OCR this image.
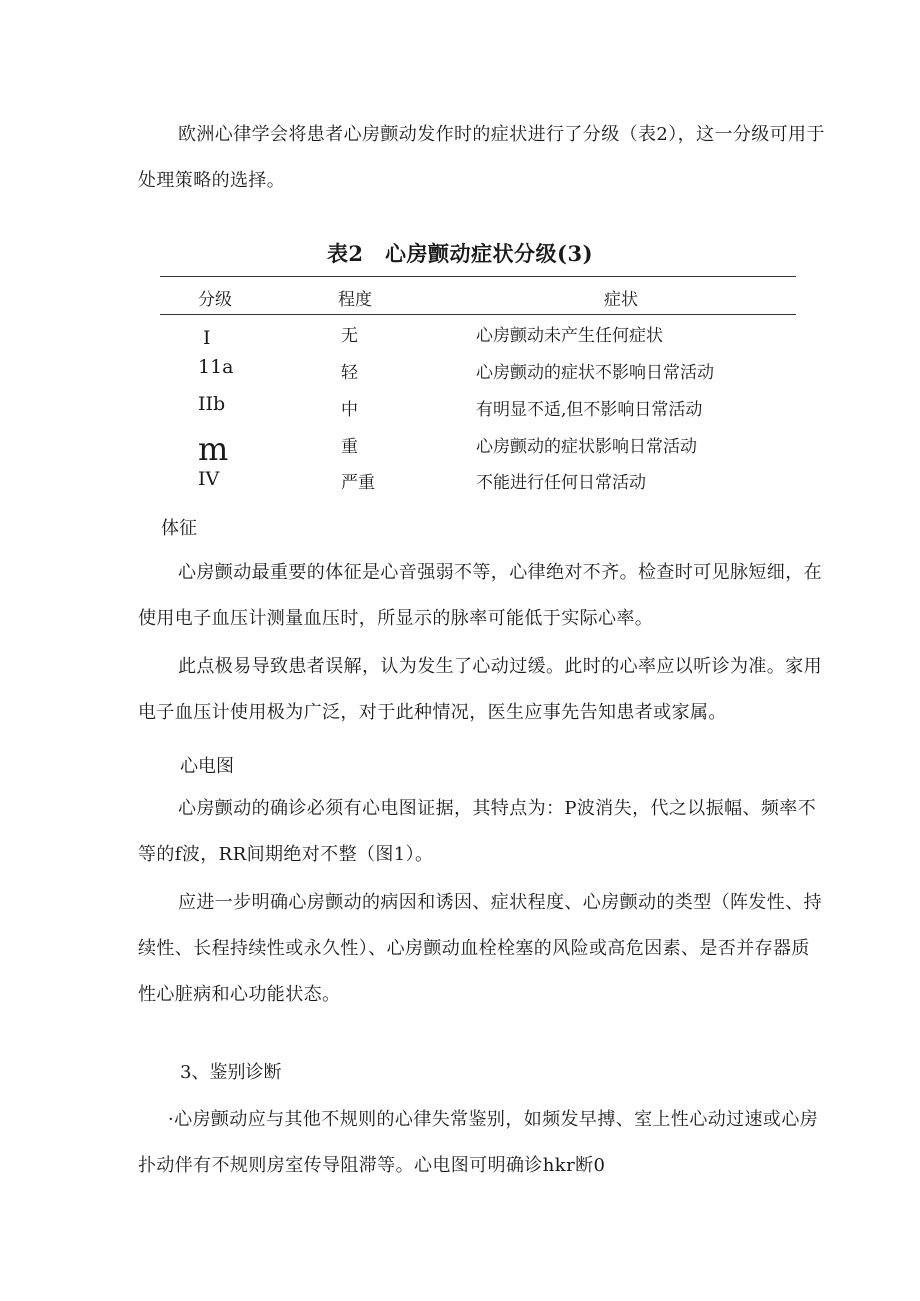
欧洲心律学会将患者心房颤动发作时的症状进行了分级（表2），这一分级可用于处理策略的选择。

表2　心房颤动症状分级(3)
分级	程度	症状
I	无	心房颤动未产生任何症状
11a	轻	心房颤动的症状不影响日常活动
IIb	中	有明显不适,但不影响日常活动
m	重	心房颤动的症状影响日常活动
IV	严重	不能进行任何日常活动
体征

心房颤动最重要的体征是心音强弱不等，心律绝对不齐。检查时可见脉短细，在使用电子血压计测量血压时，所显示的脉率可能低于实际心率。

此点极易导致患者误解，认为发生了心动过缓。此时的心率应以听诊为准。家用电子血压计使用极为广泛，对于此种情况，医生应事先告知患者或家属。

心电图

心房颤动的确诊必须有心电图证据，其特点为：P波消失，代之以振幅、频率不等的f波，RR间期绝对不整（图1）。

应进一步明确心房颤动的病因和诱因、症状程度、心房颤动的类型（阵发性、持续性、长程持续性或永久性）、心房颤动血栓栓塞的风险或高危因素、是否并存器质性心脏病和心功能状态。

3、鉴别诊断

·心房颤动应与其他不规则的心律失常鉴别，如频发早搏、室上性心动过速或心房扑动伴有不规则房室传导阻滞等。心电图可明确诊hkr断0
